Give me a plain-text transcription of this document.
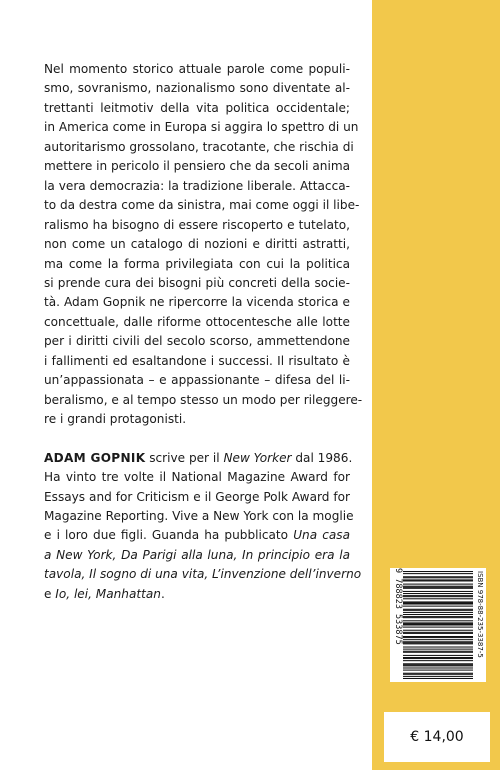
Nel momento storico attuale parole come populi-
smo, sovranismo, nazionalismo sono diventate al-
trettanti leitmotiv della vita politica occidentale;
in America come in Europa si aggira lo spettro di un
autoritarismo grossolano, tracotante, che rischia di
mettere in pericolo il pensiero che da secoli anima
la vera democrazia: la tradizione liberale. Attacca-
to da destra come da sinistra, mai come oggi il libe-
ralismo ha bisogno di essere riscoperto e tutelato,
non come un catalogo di nozioni e diritti astratti,
ma come la forma privilegiata con cui la politica
si prende cura dei bisogni più concreti della socie-
tà. Adam Gopnik ne ripercorre la vicenda storica e
concettuale, dalle riforme ottocentesche alle lotte
per i diritti civili del secolo scorso, ammettendone
i fallimenti ed esaltandone i successi. Il risultato è
un’appassionata – e appassionante – difesa del li-
beralismo, e al tempo stesso un modo per rileggere-
re i grandi protagonisti.

ADAM GOPNIK scrive per il New Yorker dal 1986.
Ha vinto tre volte il National Magazine Award for
Essays and for Criticism e il George Polk Award for
Magazine Reporting. Vive a New York con la moglie
e i loro due figli. Guanda ha pubblicato Una casa
a New York, Da Parigi alla luna, In principio era la
tavola, Il sogno di una vita, L’invenzione dell’inverno
e Io, lei, Manhattan.	ISBN 978-88-235-3387-5
9 788823 533875
€ 14,00
